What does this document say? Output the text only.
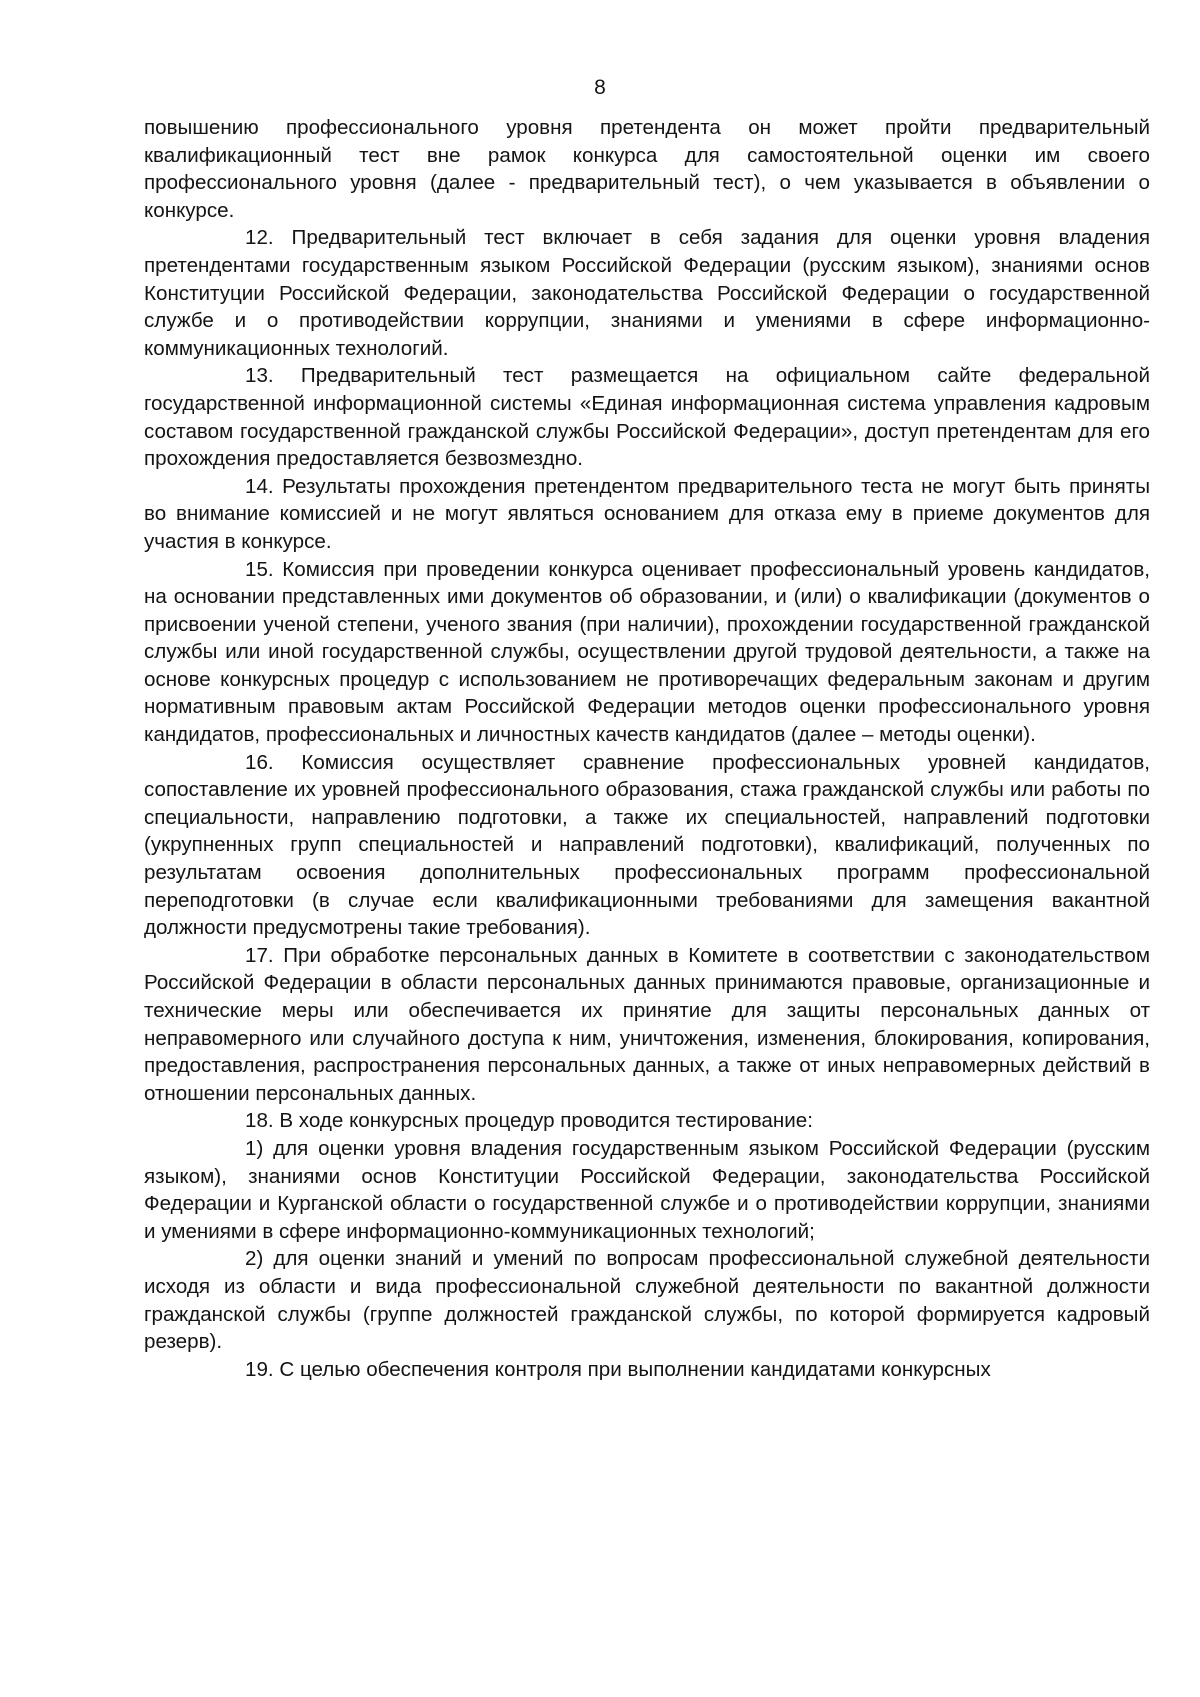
8

повышению профессионального уровня претендента он может пройти предварительный квалификационный тест вне рамок конкурса для самостоятельной оценки им своего профессионального уровня (далее - предварительный тест), о чем указывается в объявлении о конкурсе.

12. Предварительный тест включает в себя задания для оценки уровня владения претендентами государственным языком Российской Федерации (русским языком), знаниями основ Конституции Российской Федерации, законодательства Российской Федерации о государственной службе и о противодействии коррупции, знаниями и умениями в сфере информационно-коммуникационных технологий.

13. Предварительный тест размещается на официальном сайте федеральной государственной информационной системы «Единая информационная система управления кадровым составом государственной гражданской службы Российской Федерации», доступ претендентам для его прохождения предоставляется безвозмездно.

14. Результаты прохождения претендентом предварительного теста не могут быть приняты во внимание комиссией и не могут являться основанием для отказа ему в приеме документов для участия в конкурсе.

15. Комиссия при проведении конкурса оценивает профессиональный уровень кандидатов, на основании представленных ими документов об образовании, и (или) о квалификации (документов о присвоении ученой степени, ученого звания (при наличии), прохождении государственной гражданской службы или иной государственной службы, осуществлении другой трудовой деятельности, а также на основе конкурсных процедур с использованием не противоречащих федеральным законам и другим нормативным правовым актам Российской Федерации методов оценки профессионального уровня кандидатов, профессиональных и личностных качеств кандидатов (далее – методы оценки).

16. Комиссия осуществляет сравнение профессиональных уровней кандидатов, сопоставление их уровней профессионального образования, стажа гражданской службы или работы по специальности, направлению подготовки, а также их специальностей, направлений подготовки (укрупненных групп специальностей и направлений подготовки), квалификаций, полученных по результатам освоения дополнительных профессиональных программ профессиональной переподготовки (в случае если квалификационными требованиями для замещения вакантной должности предусмотрены такие требования).

17. При обработке персональных данных в Комитете в соответствии с законодательством Российской Федерации в области персональных данных принимаются правовые, организационные и технические меры или обеспечивается их принятие для защиты персональных данных от неправомерного или случайного доступа к ним, уничтожения, изменения, блокирования, копирования, предоставления, распространения персональных данных, а также от иных неправомерных действий в отношении персональных данных.

18. В ходе конкурсных процедур проводится тестирование:

1) для оценки уровня владения государственным языком Российской Федерации (русским языком), знаниями основ Конституции Российской Федерации, законодательства Российской Федерации и Курганской области о государственной службе и о противодействии коррупции, знаниями и умениями в сфере информационно-коммуникационных технологий;

2) для оценки знаний и умений по вопросам профессиональной служебной деятельности исходя из области и вида профессиональной служебной деятельности по вакантной должности гражданской службы (группе должностей гражданской службы, по которой формируется кадровый резерв).

19. С целью обеспечения контроля при выполнении кандидатами конкурсных
